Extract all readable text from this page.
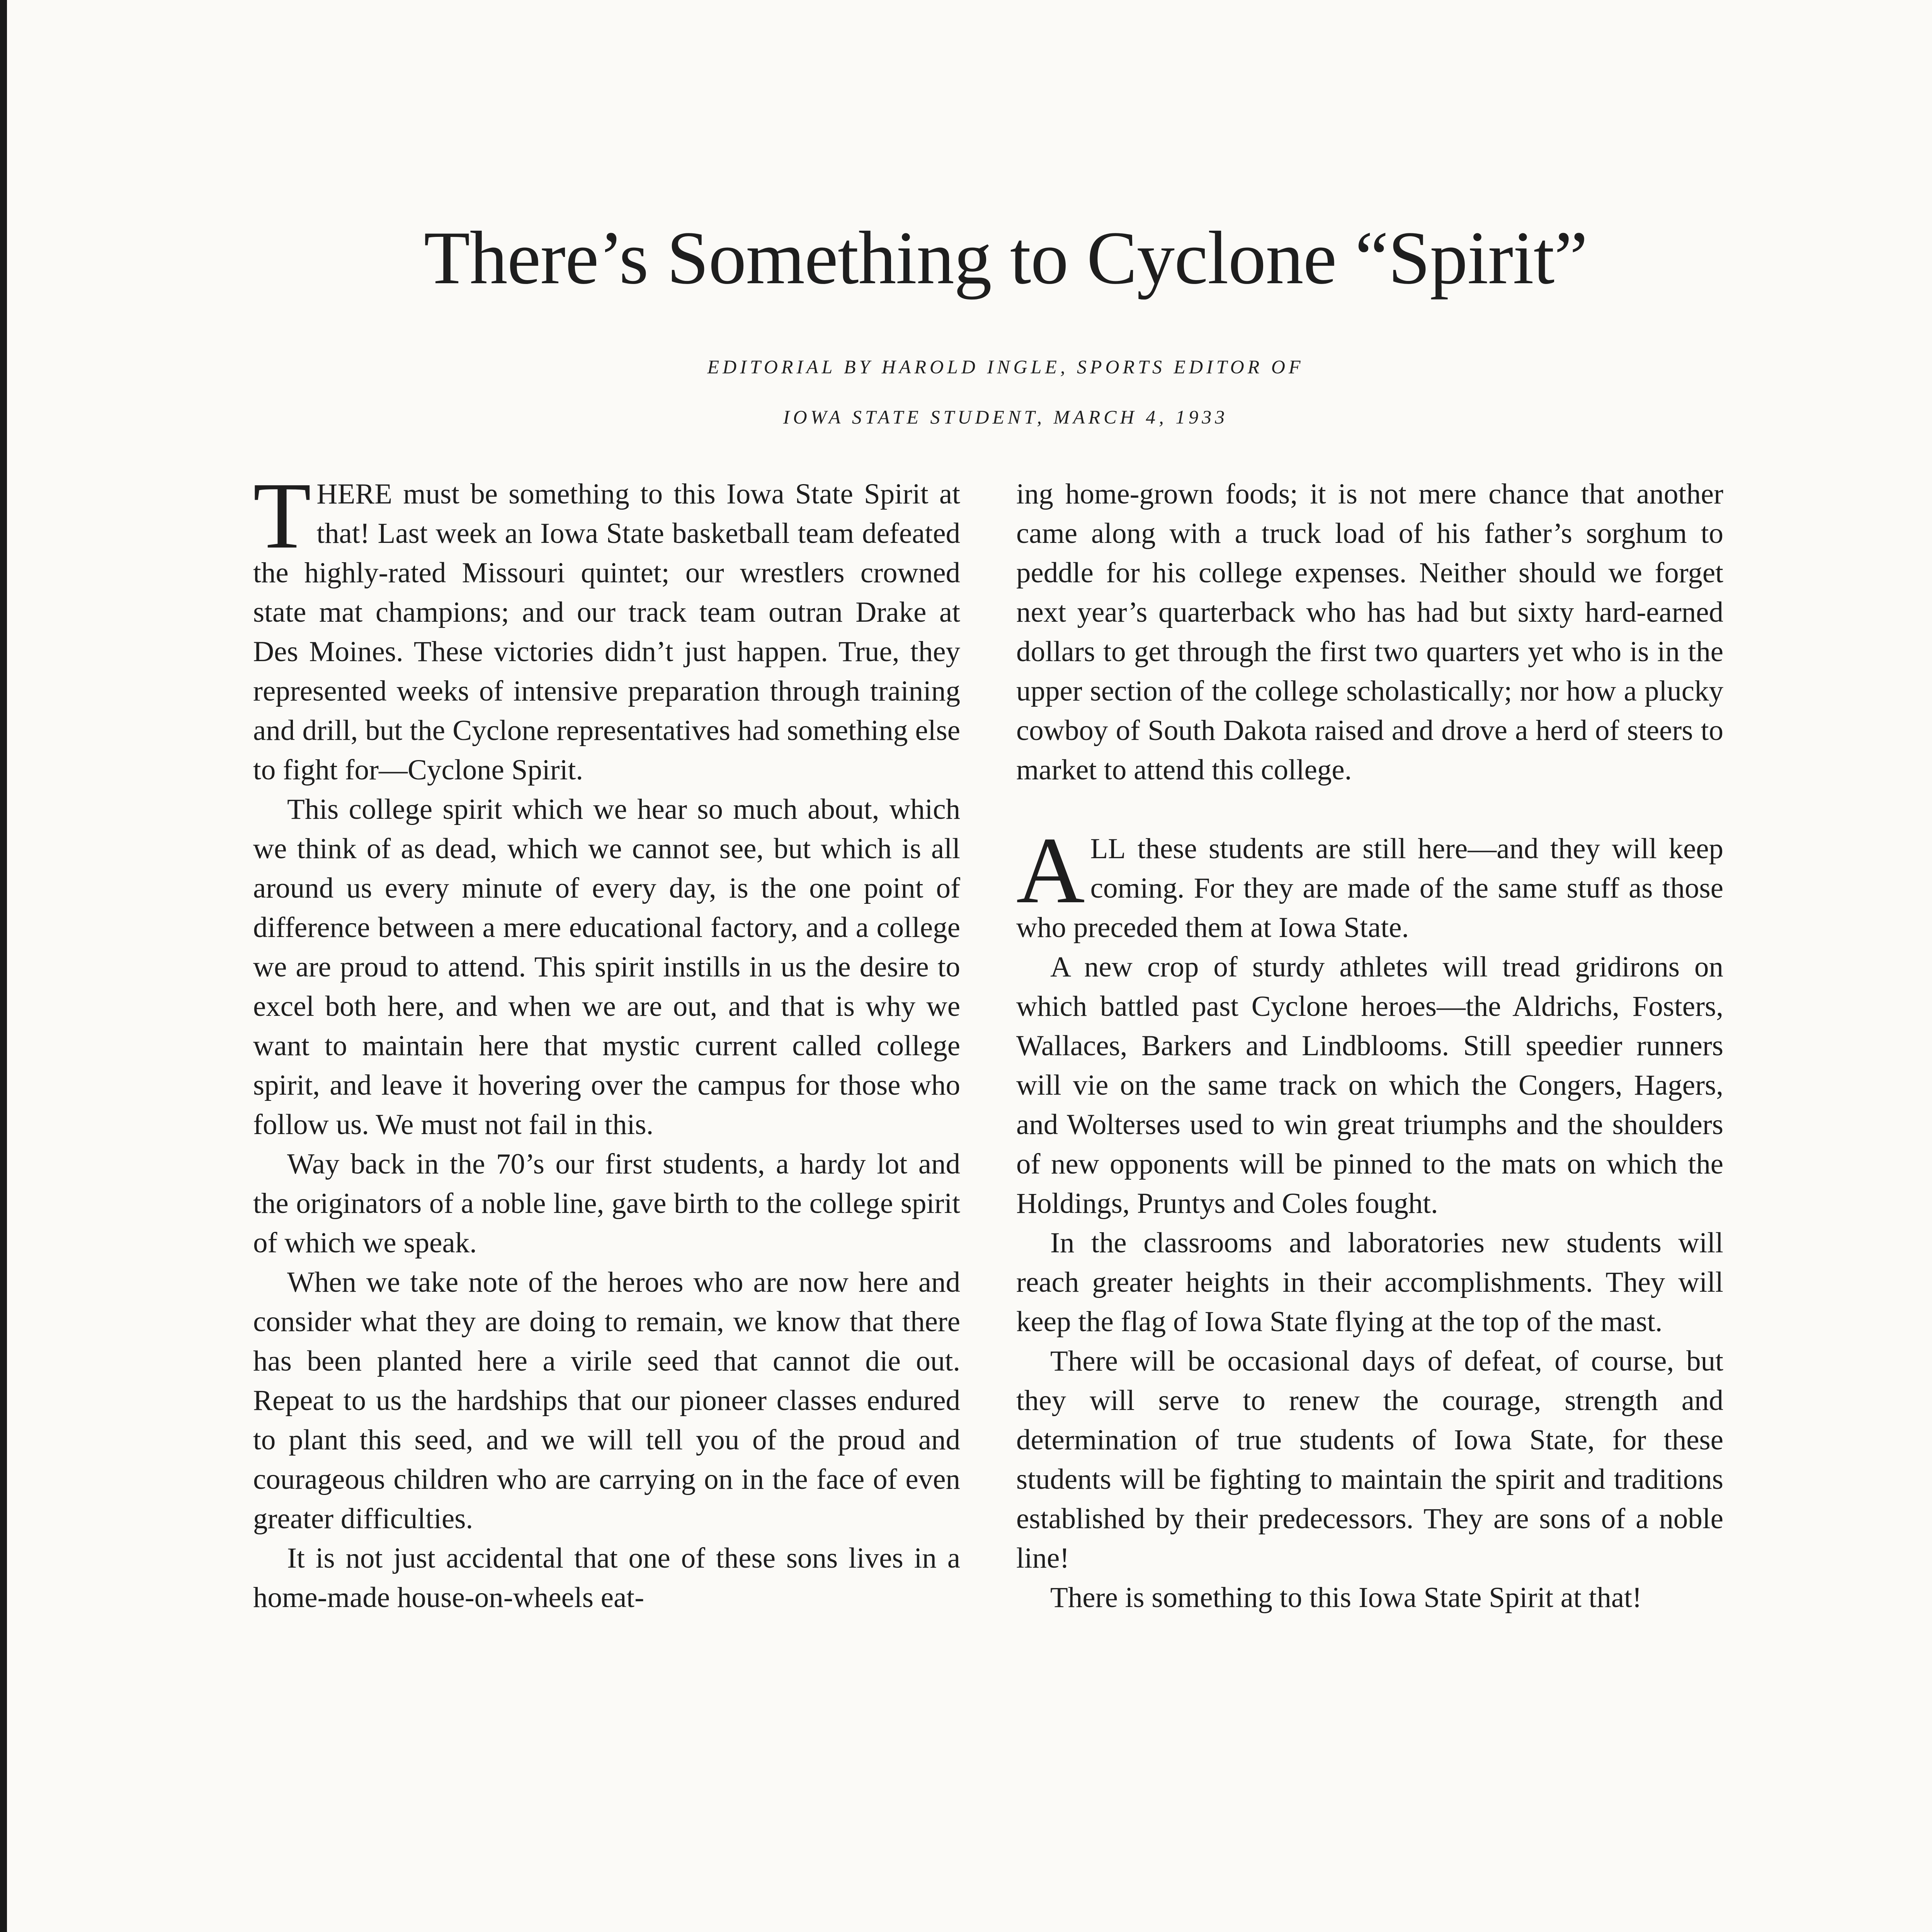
There’s Something to Cyclone “Spirit”

EDITORIAL BY HAROLD INGLE, SPORTS EDITOR OF

IOWA STATE STUDENT, MARCH 4, 1933

THERE must be something to this Iowa State Spirit at that! Last week an Iowa State basketball team defeated the highly-rated Missouri quintet; our wrestlers crowned state mat champions; and our track team outran Drake at Des Moines. These victories didn’t just happen. True, they represented weeks of intensive preparation through training and drill, but the Cyclone representatives had something else to fight for—Cyclone Spirit.

This college spirit which we hear so much about, which we think of as dead, which we cannot see, but which is all around us every minute of every day, is the one point of difference between a mere educational factory, and a college we are proud to attend. This spirit instills in us the desire to excel both here, and when we are out, and that is why we want to maintain here that mystic current called college spirit, and leave it hovering over the campus for those who follow us. We must not fail in this.

Way back in the 70’s our first students, a hardy lot and the originators of a noble line, gave birth to the college spirit of which we speak.

When we take note of the heroes who are now here and consider what they are doing to remain, we know that there has been planted here a virile seed that cannot die out. Repeat to us the hardships that our pioneer classes endured to plant this seed, and we will tell you of the proud and courageous children who are carrying on in the face of even greater difficulties.

It is not just accidental that one of these sons lives in a home-made house-on-wheels eat-

ing home-grown foods; it is not mere chance that another came along with a truck load of his father’s sorghum to peddle for his college expenses. Neither should we forget next year’s quarterback who has had but sixty hard-earned dollars to get through the first two quarters yet who is in the upper section of the college scholastically; nor how a plucky cowboy of South Dakota raised and drove a herd of steers to market to attend this college.

ALL these students are still here—and they will keep coming. For they are made of the same stuff as those who preceded them at Iowa State.

A new crop of sturdy athletes will tread gridirons on which battled past Cyclone heroes—the Aldrichs, Fosters, Wallaces, Barkers and Lindblooms. Still speedier runners will vie on the same track on which the Congers, Hagers, and Wolterses used to win great triumphs and the shoulders of new opponents will be pinned to the mats on which the Holdings, Pruntys and Coles fought.

In the classrooms and laboratories new students will reach greater heights in their accomplishments. They will keep the flag of Iowa State flying at the top of the mast.

There will be occasional days of defeat, of course, but they will serve to renew the courage, strength and determination of true students of Iowa State, for these students will be fighting to maintain the spirit and traditions established by their predecessors. They are sons of a noble line!

There is something to this Iowa State Spirit at that!
